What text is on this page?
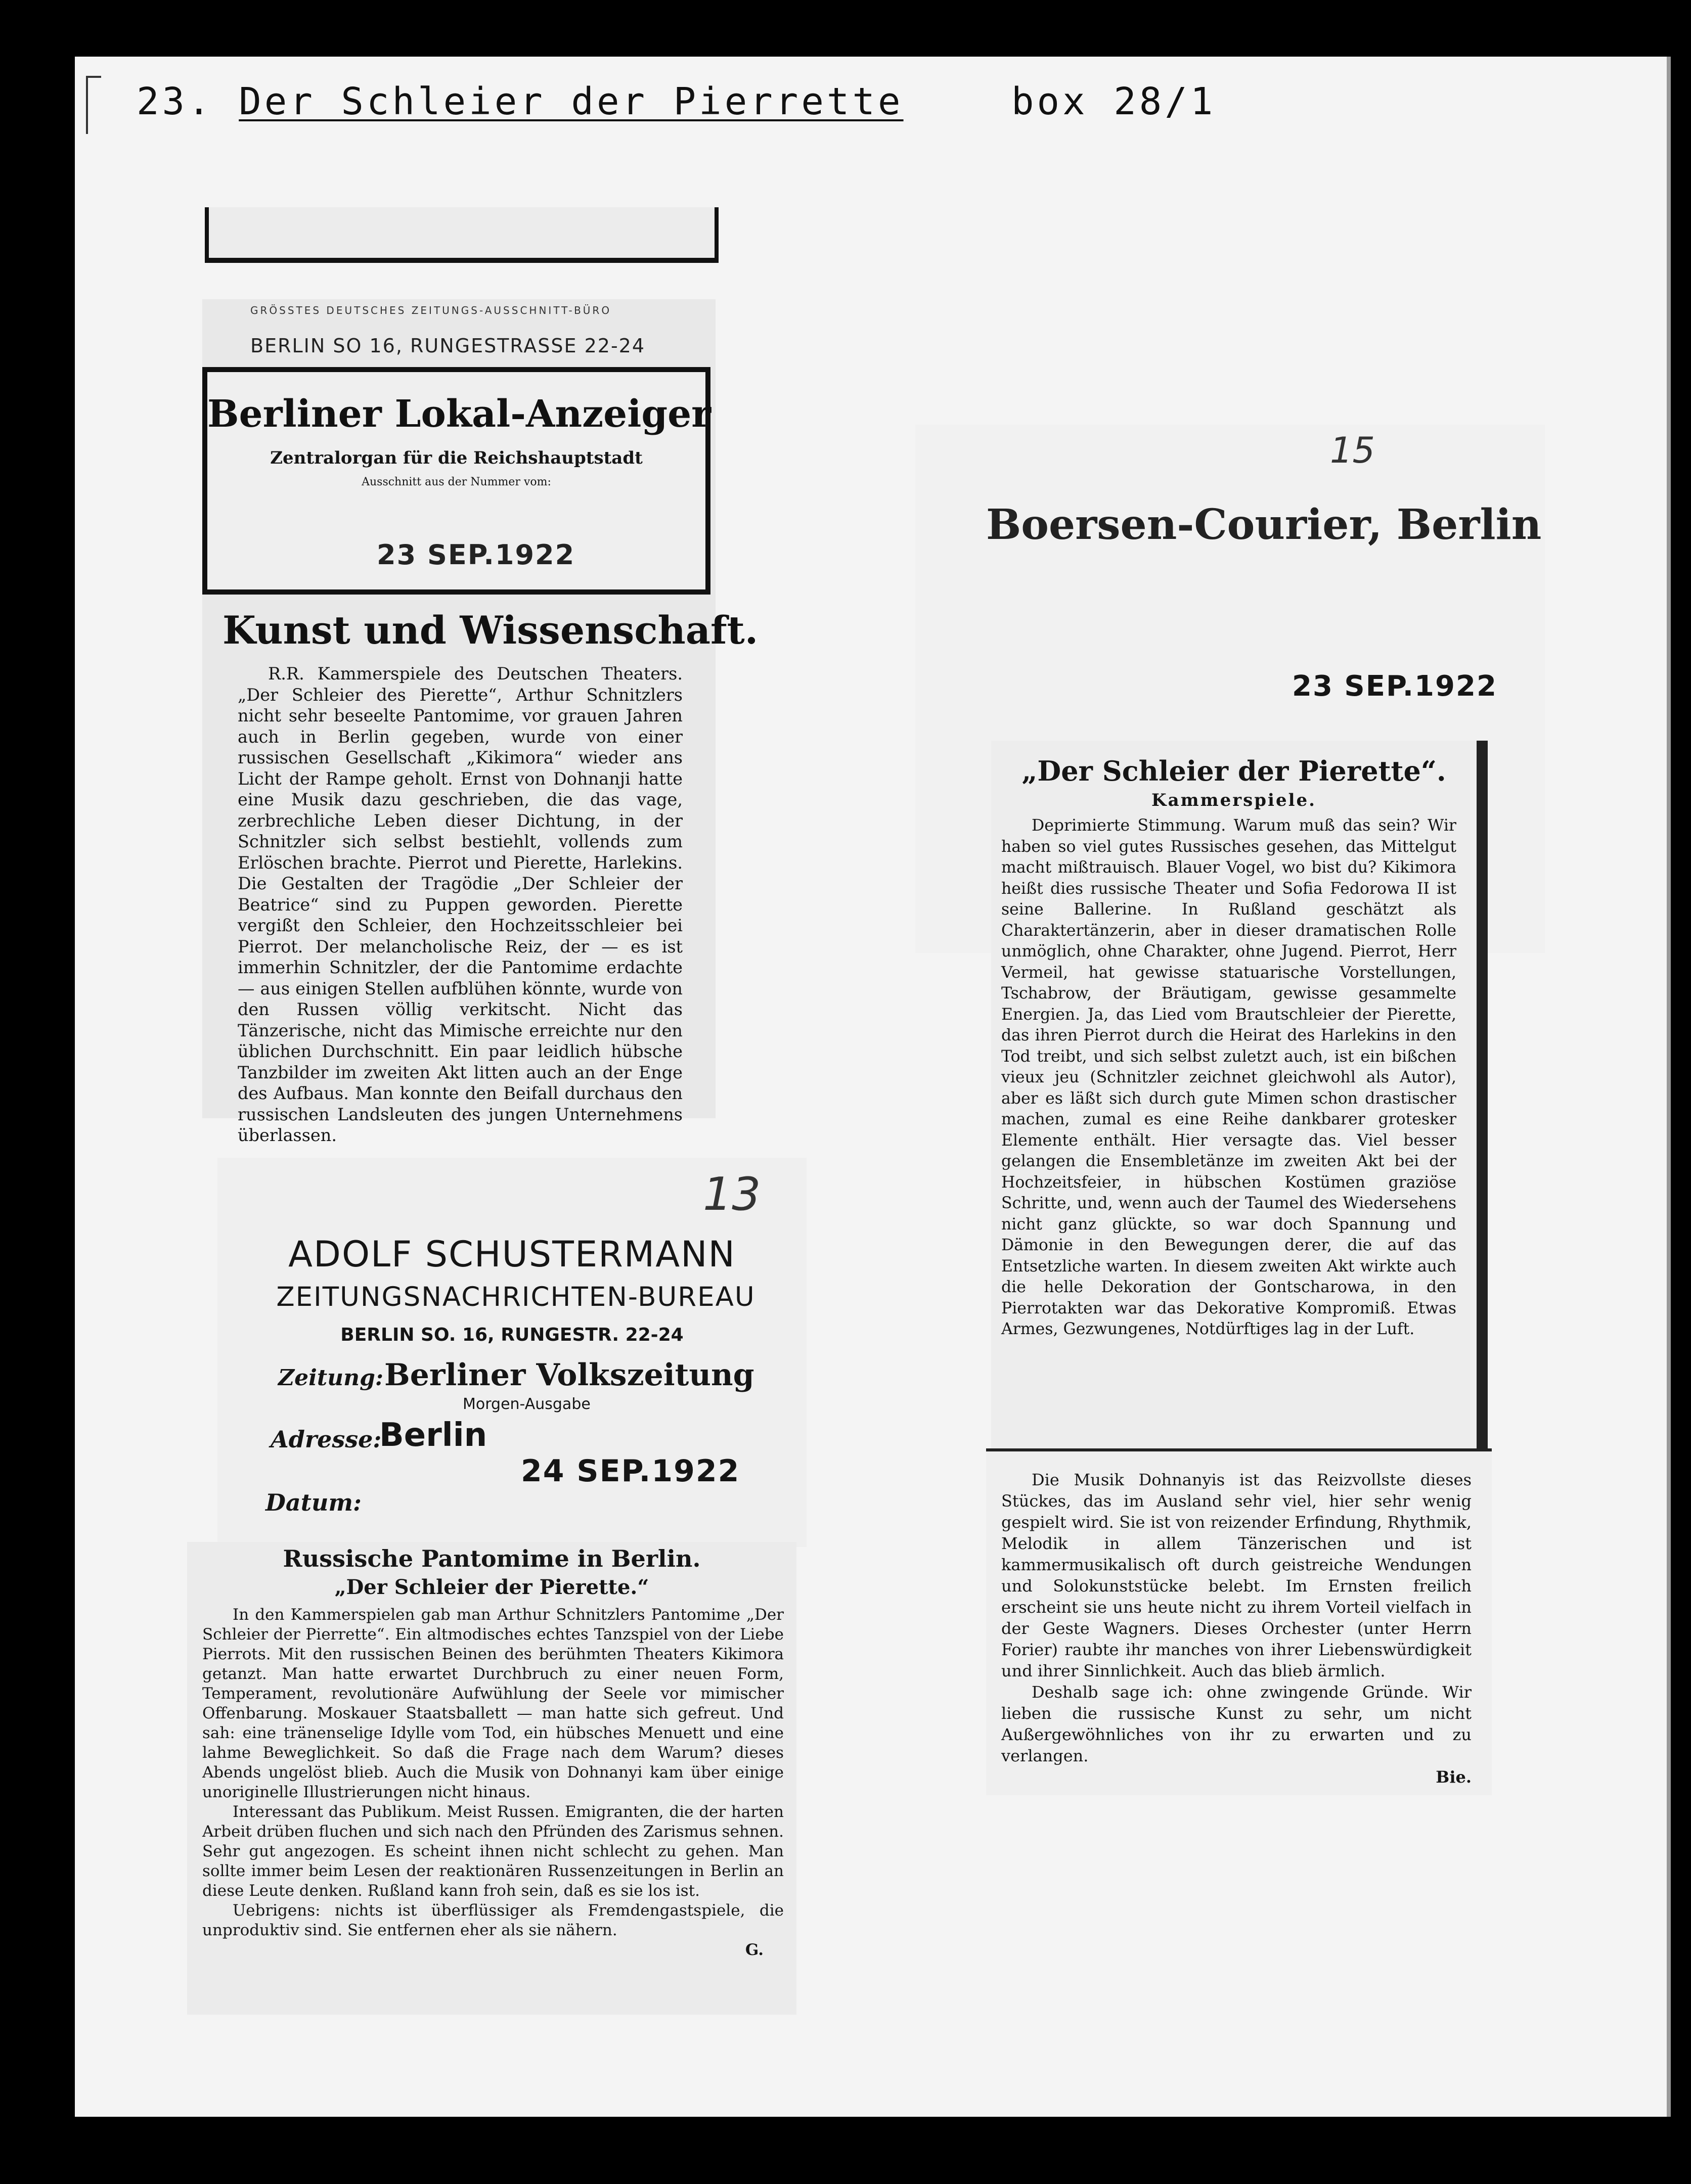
23. Der Schleier der Pierrette	box 28/1
GRÖSSTES DEUTSCHES ZEITUNGS-AUSSCHNITT-BÜRO
BERLIN SO 16, RUNGESTRASSE 22-24
Berliner Lokal-Anzeiger
Zentralorgan für die Reichshauptstadt
Ausschnitt aus der Nummer vom:
23 SEP.1922
Kunst und Wissenschaft.

R.R. Kammerspiele des Deutschen Theaters. „Der Schleier des Pierette“, Arthur Schnitzlers nicht sehr beseelte Pantomime, vor grauen Jahren auch in Berlin gegeben, wurde von einer russischen Gesellschaft „Kikimora“ wieder ans Licht der Rampe geholt. Ernst von Dohnanji hatte eine Musik dazu geschrieben, die das vage, zerbrechliche Leben dieser Dichtung, in der Schnitzler sich selbst bestiehlt, vollends zum Erlöschen brachte. Pierrot und Pierette, Harlekins. Die Gestalten der Tragödie „Der Schleier der Beatrice“ sind zu Puppen geworden. Pierette vergißt den Schleier, den Hochzeitsschleier bei Pierrot. Der melancholische Reiz, der — es ist immerhin Schnitzler, der die Pantomime erdachte — aus einigen Stellen aufblühen könnte, wurde von den Russen völlig verkitscht. Nicht das Tänzerische, nicht das Mimische erreichte nur den üblichen Durchschnitt. Ein paar leidlich hübsche Tanzbilder im zweiten Akt litten auch an der Enge des Aufbaus. Man konnte den Beifall durchaus den russischen Landsleuten des jungen Unternehmens überlassen.

13
ADOLF SCHUSTERMANN
ZEITUNGSNACHRICHTEN-BUREAU
BERLIN SO. 16, RUNGESTR. 22-24
Zeitung: Berliner Volkszeitung
Morgen-Ausgabe
Adresse:
Berlin
24 SEP.1922
Datum:
Russische Pantomime in Berlin.
„Der Schleier der Pierette.“

In den Kammerspielen gab man Arthur Schnitzlers Pantomime „Der Schleier der Pierrette“. Ein altmodisches echtes Tanzspiel von der Liebe Pierrots. Mit den russischen Beinen des berühmten Theaters Kikimora getanzt. Man hatte erwartet Durchbruch zu einer neuen Form, Temperament, revolutionäre Aufwühlung der Seele vor mimischer Offenbarung. Moskauer Staatsballett — man hatte sich gefreut. Und sah: eine tränenselige Idylle vom Tod, ein hübsches Menuett und eine lahme Beweglichkeit. So daß die Frage nach dem Warum? dieses Abends ungelöst blieb. Auch die Musik von Dohnanyi kam über einige unoriginelle Illustrierungen nicht hinaus.

Interessant das Publikum. Meist Russen. Emigranten, die der harten Arbeit drüben fluchen und sich nach den Pfründen des Zarismus sehnen. Sehr gut angezogen. Es scheint ihnen nicht schlecht zu gehen. Man sollte immer beim Lesen der reaktionären Russenzeitungen in Berlin an diese Leute denken. Rußland kann froh sein, daß es sie los ist.

Uebrigens: nichts ist überflüssiger als Fremdengastspiele, die unproduktiv sind. Sie entfernen eher als sie nähern.

G.
15
Boersen-Courier, Berlin
23 SEP.1922
„Der Schleier der Pierette“.
Kammerspiele.

Deprimierte Stimmung. Warum muß das sein? Wir haben so viel gutes Russisches gesehen, das Mittelgut macht mißtrauisch. Blauer Vogel, wo bist du? Kikimora heißt dies russische Theater und Sofia Fedorowa II ist seine Ballerine. In Rußland geschätzt als Charaktertänzerin, aber in dieser dramatischen Rolle unmöglich, ohne Charakter, ohne Jugend. Pierrot, Herr Vermeil, hat gewisse statuarische Vorstellungen, Tschabrow, der Bräutigam, gewisse gesammelte Energien. Ja, das Lied vom Brautschleier der Pierette, das ihren Pierrot durch die Heirat des Harlekins in den Tod treibt, und sich selbst zuletzt auch, ist ein bißchen vieux jeu (Schnitzler zeichnet gleichwohl als Autor), aber es läßt sich durch gute Mimen schon drastischer machen, zumal es eine Reihe dankbarer grotesker Elemente enthält. Hier versagte das. Viel besser gelangen die Ensembletänze im zweiten Akt bei der Hochzeitsfeier, in hübschen Kostümen graziöse Schritte, und, wenn auch der Taumel des Wiedersehens nicht ganz glückte, so war doch Spannung und Dämonie in den Bewegungen derer, die auf das Entsetzliche warten. In diesem zweiten Akt wirkte auch die helle Dekoration der Gontscharowa, in den Pierrotakten war das Dekorative Kompromiß. Etwas Armes, Gezwungenes, Notdürftiges lag in der Luft.

Die Musik Dohnanyis ist das Reizvollste dieses Stückes, das im Ausland sehr viel, hier sehr wenig gespielt wird. Sie ist von reizender Erfindung, Rhythmik, Melodik in allem Tänzerischen und ist kammermusikalisch oft durch geistreiche Wendungen und Solokunststücke belebt. Im Ernsten freilich erscheint sie uns heute nicht zu ihrem Vorteil vielfach in der Geste Wagners. Dieses Orchester (unter Herrn Forier) raubte ihr manches von ihrer Liebenswürdigkeit und ihrer Sinnlichkeit. Auch das blieb ärmlich.

Deshalb sage ich: ohne zwingende Gründe. Wir lieben die russische Kunst zu sehr, um nicht Außergewöhnliches von ihr zu erwarten und zu verlangen.

Bie.
